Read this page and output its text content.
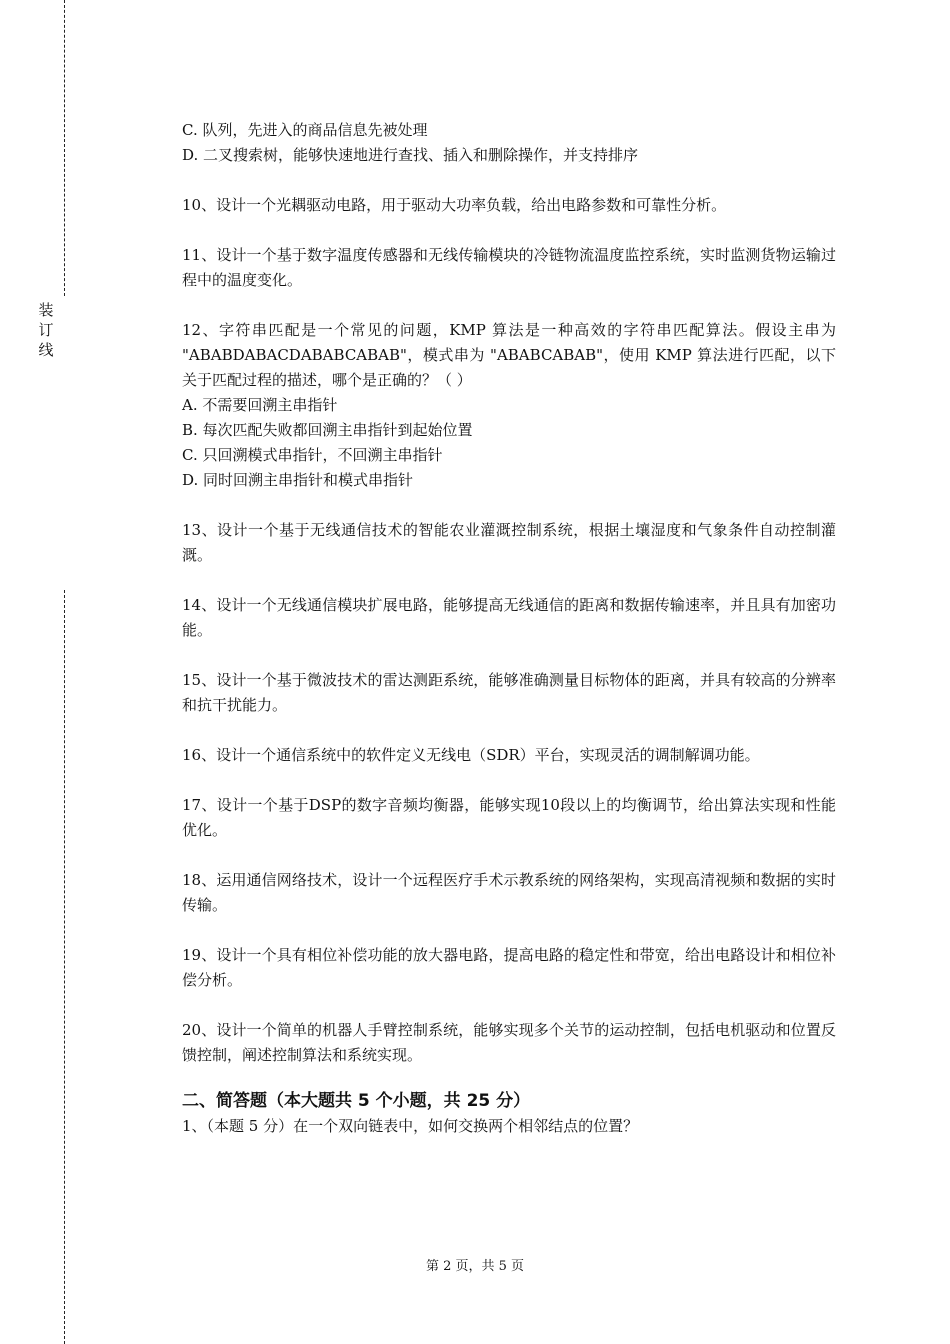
装
订
线

C. 队列，先进入的商品信息先被处理

D. 二叉搜索树，能够快速地进行查找、插入和删除操作，并支持排序

10、设计一个光耦驱动电路，用于驱动大功率负载，给出电路参数和可靠性分析。

11、设计一个基于数字温度传感器和无线传输模块的冷链物流温度监控系统，实时监测货物运输过程中的温度变化。

12、字符串匹配是一个常见的问题，KMP 算法是一种高效的字符串匹配算法。假设主串为 "ABABDABACDABABCABAB"，模式串为 "ABABCABAB"，使用 KMP 算法进行匹配，以下关于匹配过程的描述，哪个是正确的？（ ）

A. 不需要回溯主串指针

B. 每次匹配失败都回溯主串指针到起始位置

C. 只回溯模式串指针，不回溯主串指针

D. 同时回溯主串指针和模式串指针

13、设计一个基于无线通信技术的智能农业灌溉控制系统，根据土壤湿度和气象条件自动控制灌溉。

14、设计一个无线通信模块扩展电路，能够提高无线通信的距离和数据传输速率，并且具有加密功能。

15、设计一个基于微波技术的雷达测距系统，能够准确测量目标物体的距离，并具有较高的分辨率和抗干扰能力。

16、设计一个通信系统中的软件定义无线电（SDR）平台，实现灵活的调制解调功能。

17、设计一个基于DSP的数字音频均衡器，能够实现10段以上的均衡调节，给出算法实现和性能优化。

18、运用通信网络技术，设计一个远程医疗手术示教系统的网络架构，实现高清视频和数据的实时传输。

19、设计一个具有相位补偿功能的放大器电路，提高电路的稳定性和带宽，给出电路设计和相位补偿分析。

20、设计一个简单的机器人手臂控制系统，能够实现多个关节的运动控制，包括电机驱动和位置反馈控制，阐述控制算法和系统实现。

二、简答题（本大题共 5 个小题，共 25 分）

1、（本题 5 分）在一个双向链表中，如何交换两个相邻结点的位置？

第 2 页，共 5 页
